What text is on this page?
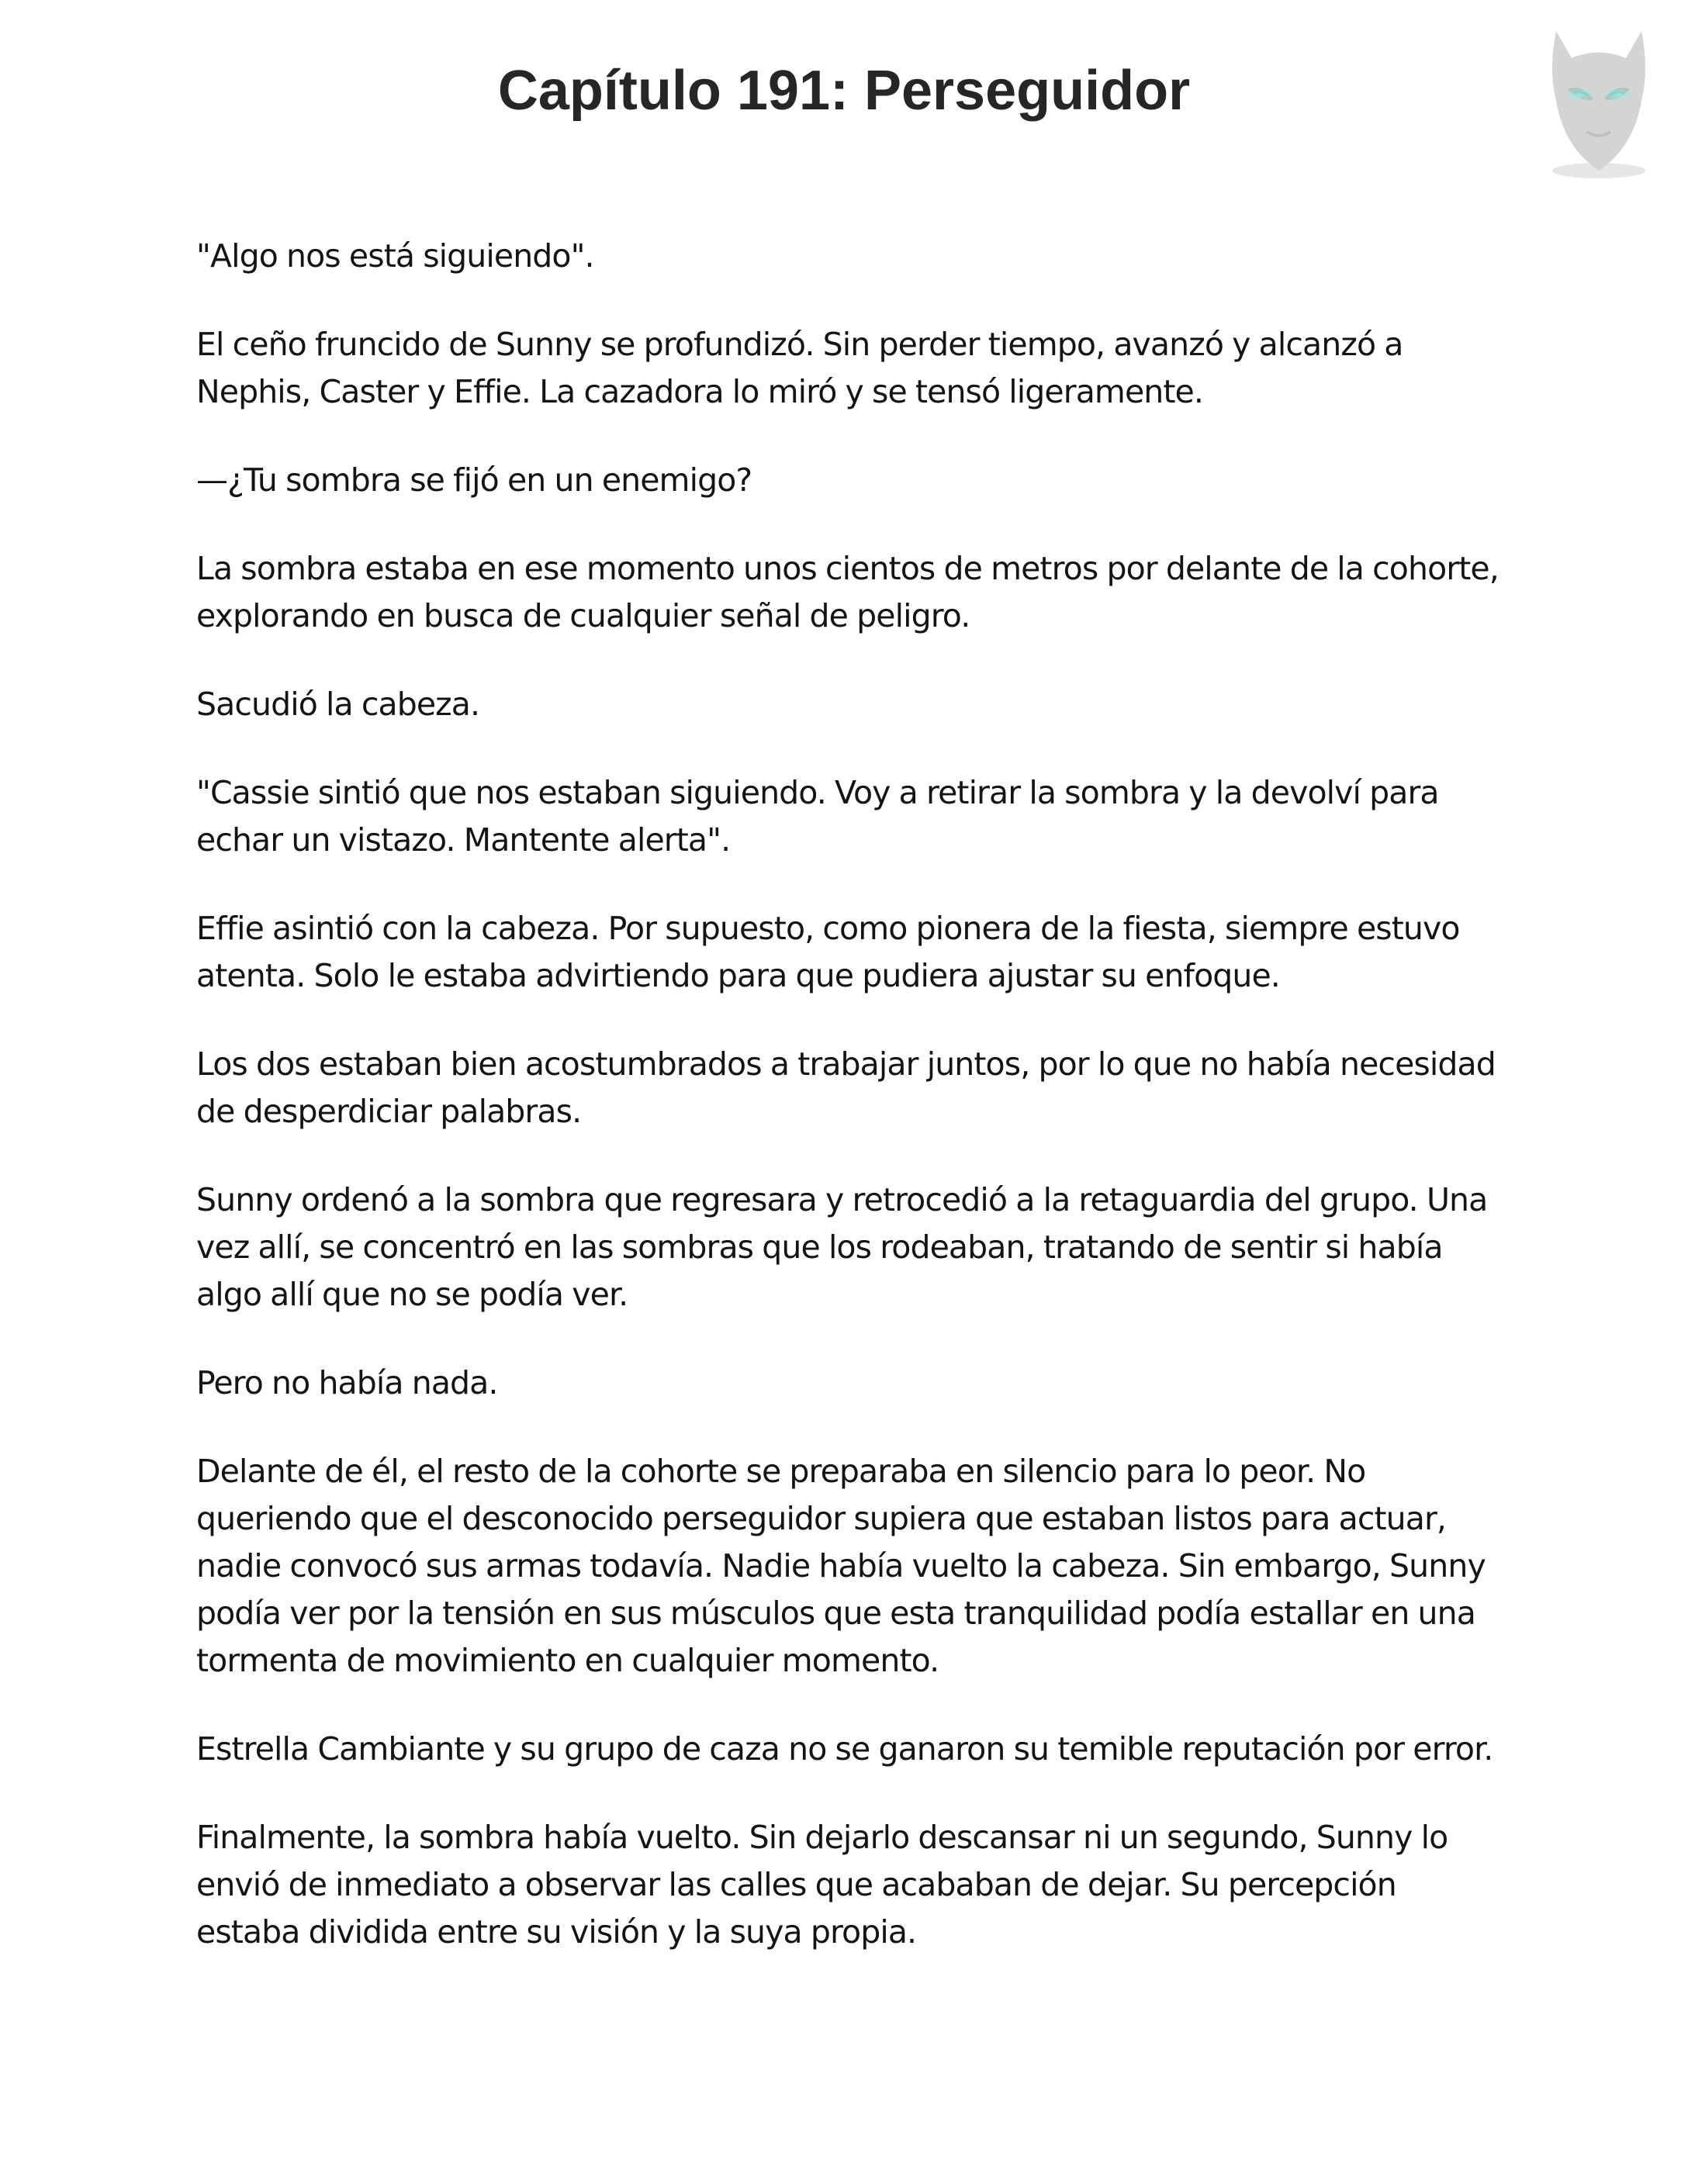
Capítulo 191: Perseguidor

"Algo nos está siguiendo".

El ceño fruncido de Sunny se profundizó. Sin perder tiempo, avanzó y alcanzó a Nephis, Caster y Effie. La cazadora lo miró y se tensó ligeramente.

—¿Tu sombra se fijó en un enemigo?

La sombra estaba en ese momento unos cientos de metros por delante de la cohorte, explorando en busca de cualquier señal de peligro.

Sacudió la cabeza.

"Cassie sintió que nos estaban siguiendo. Voy a retirar la sombra y la devolví para echar un vistazo. Mantente alerta".

Effie asintió con la cabeza. Por supuesto, como pionera de la fiesta, siempre estuvo atenta. Solo le estaba advirtiendo para que pudiera ajustar su enfoque.

Los dos estaban bien acostumbrados a trabajar juntos, por lo que no había necesidad de desperdiciar palabras.

Sunny ordenó a la sombra que regresara y retrocedió a la retaguardia del grupo. Una vez allí, se concentró en las sombras que los rodeaban, tratando de sentir si había algo allí que no se podía ver.

Pero no había nada.

Delante de él, el resto de la cohorte se preparaba en silencio para lo peor. No queriendo que el desconocido perseguidor supiera que estaban listos para actuar, nadie convocó sus armas todavía. Nadie había vuelto la cabeza. Sin embargo, Sunny podía ver por la tensión en sus músculos que esta tranquilidad podía estallar en una tormenta de movimiento en cualquier momento.

Estrella Cambiante y su grupo de caza no se ganaron su temible reputación por error.

Finalmente, la sombra había vuelto. Sin dejarlo descansar ni un segundo, Sunny lo envió de inmediato a observar las calles que acababan de dejar. Su percepción estaba dividida entre su visión y la suya propia.
